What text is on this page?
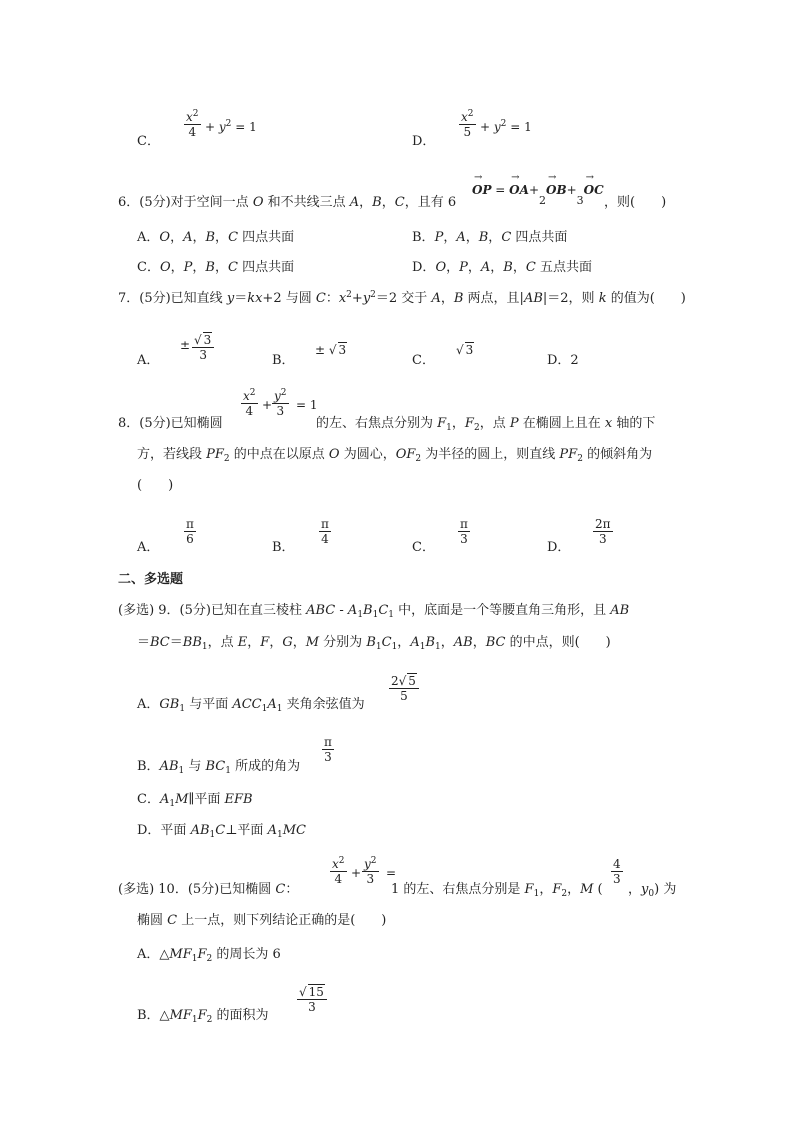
C．
$x^2$
$4 + y^2 = 1$
D．
$x^2$
$5 + y^2 = 1$
6．(5分)对于空间一点 O 和不共线三点 A，B，C，且有 6
→ OP = → OA+2→ OB+3→ OC
，则(　　)
A．O，A，B，C 四点共面	B．P，A，B，C 四点共面
C．O，P，B，C 四点共面	D．O，P，A，B，C 五点共面
7．(5分)已知直线 y＝kx+2 与圆 C：$x^2+y^2=2$ 交于 A，B 两点，且|AB|＝2，则 k 的值为(　　)
A．
± √ 3
3	B．
± √ 3
C．
√ 3
D．2
8．(5分)已知椭圆
$x^2$
4 +
$y^2$
3 = 1
的左、右焦点分别为 $F_1$，$F_2$，点 P 在椭圆上且在 x 轴的下
方，若线段 $PF_2$ 的中点在以原点 O 为圆心，$OF_2$ 为半径的圆上，则直线 $PF_2$ 的倾斜角为
(　　)
A．
π
6
B．
π
4
C．
π
3
D．
2π
3
二、多选题
(多选) 9．(5分)已知在直三棱柱 ABC - $A_1B_1C_1$ 中，底面是一个等腰直角三角形，且 AB
$=BC=BB_1$，点 E，F，G，M 分别为 $B_1C_1$，$A_1B_1$，AB，BC 的中点，则(　　)
A．$GB_1$ 与平面 $ACC_1A_1$ 夹角余弦值为
2√ 5
5
B．$AB_1$ 与 $BC_1$ 所成的角为
π
3
C．$A_1M\parallel$平面 EFB
D．平面 $AB_1C\perp$平面 $A_1MC$
(多选) 10．(5分)已知椭圆 C：
$x^2$
4 +
$y^2$
3 =
1 的左、右焦点分别是 $F_1$，$F_2$，M (
4
3
，$y_0$) 为
椭圆 C 上一点，则下列结论正确的是(　　)
A．$\triangle MF_1F_2$ 的周长为 6
B．$\triangle MF_1F_2$ 的面积为
√ 15
3
